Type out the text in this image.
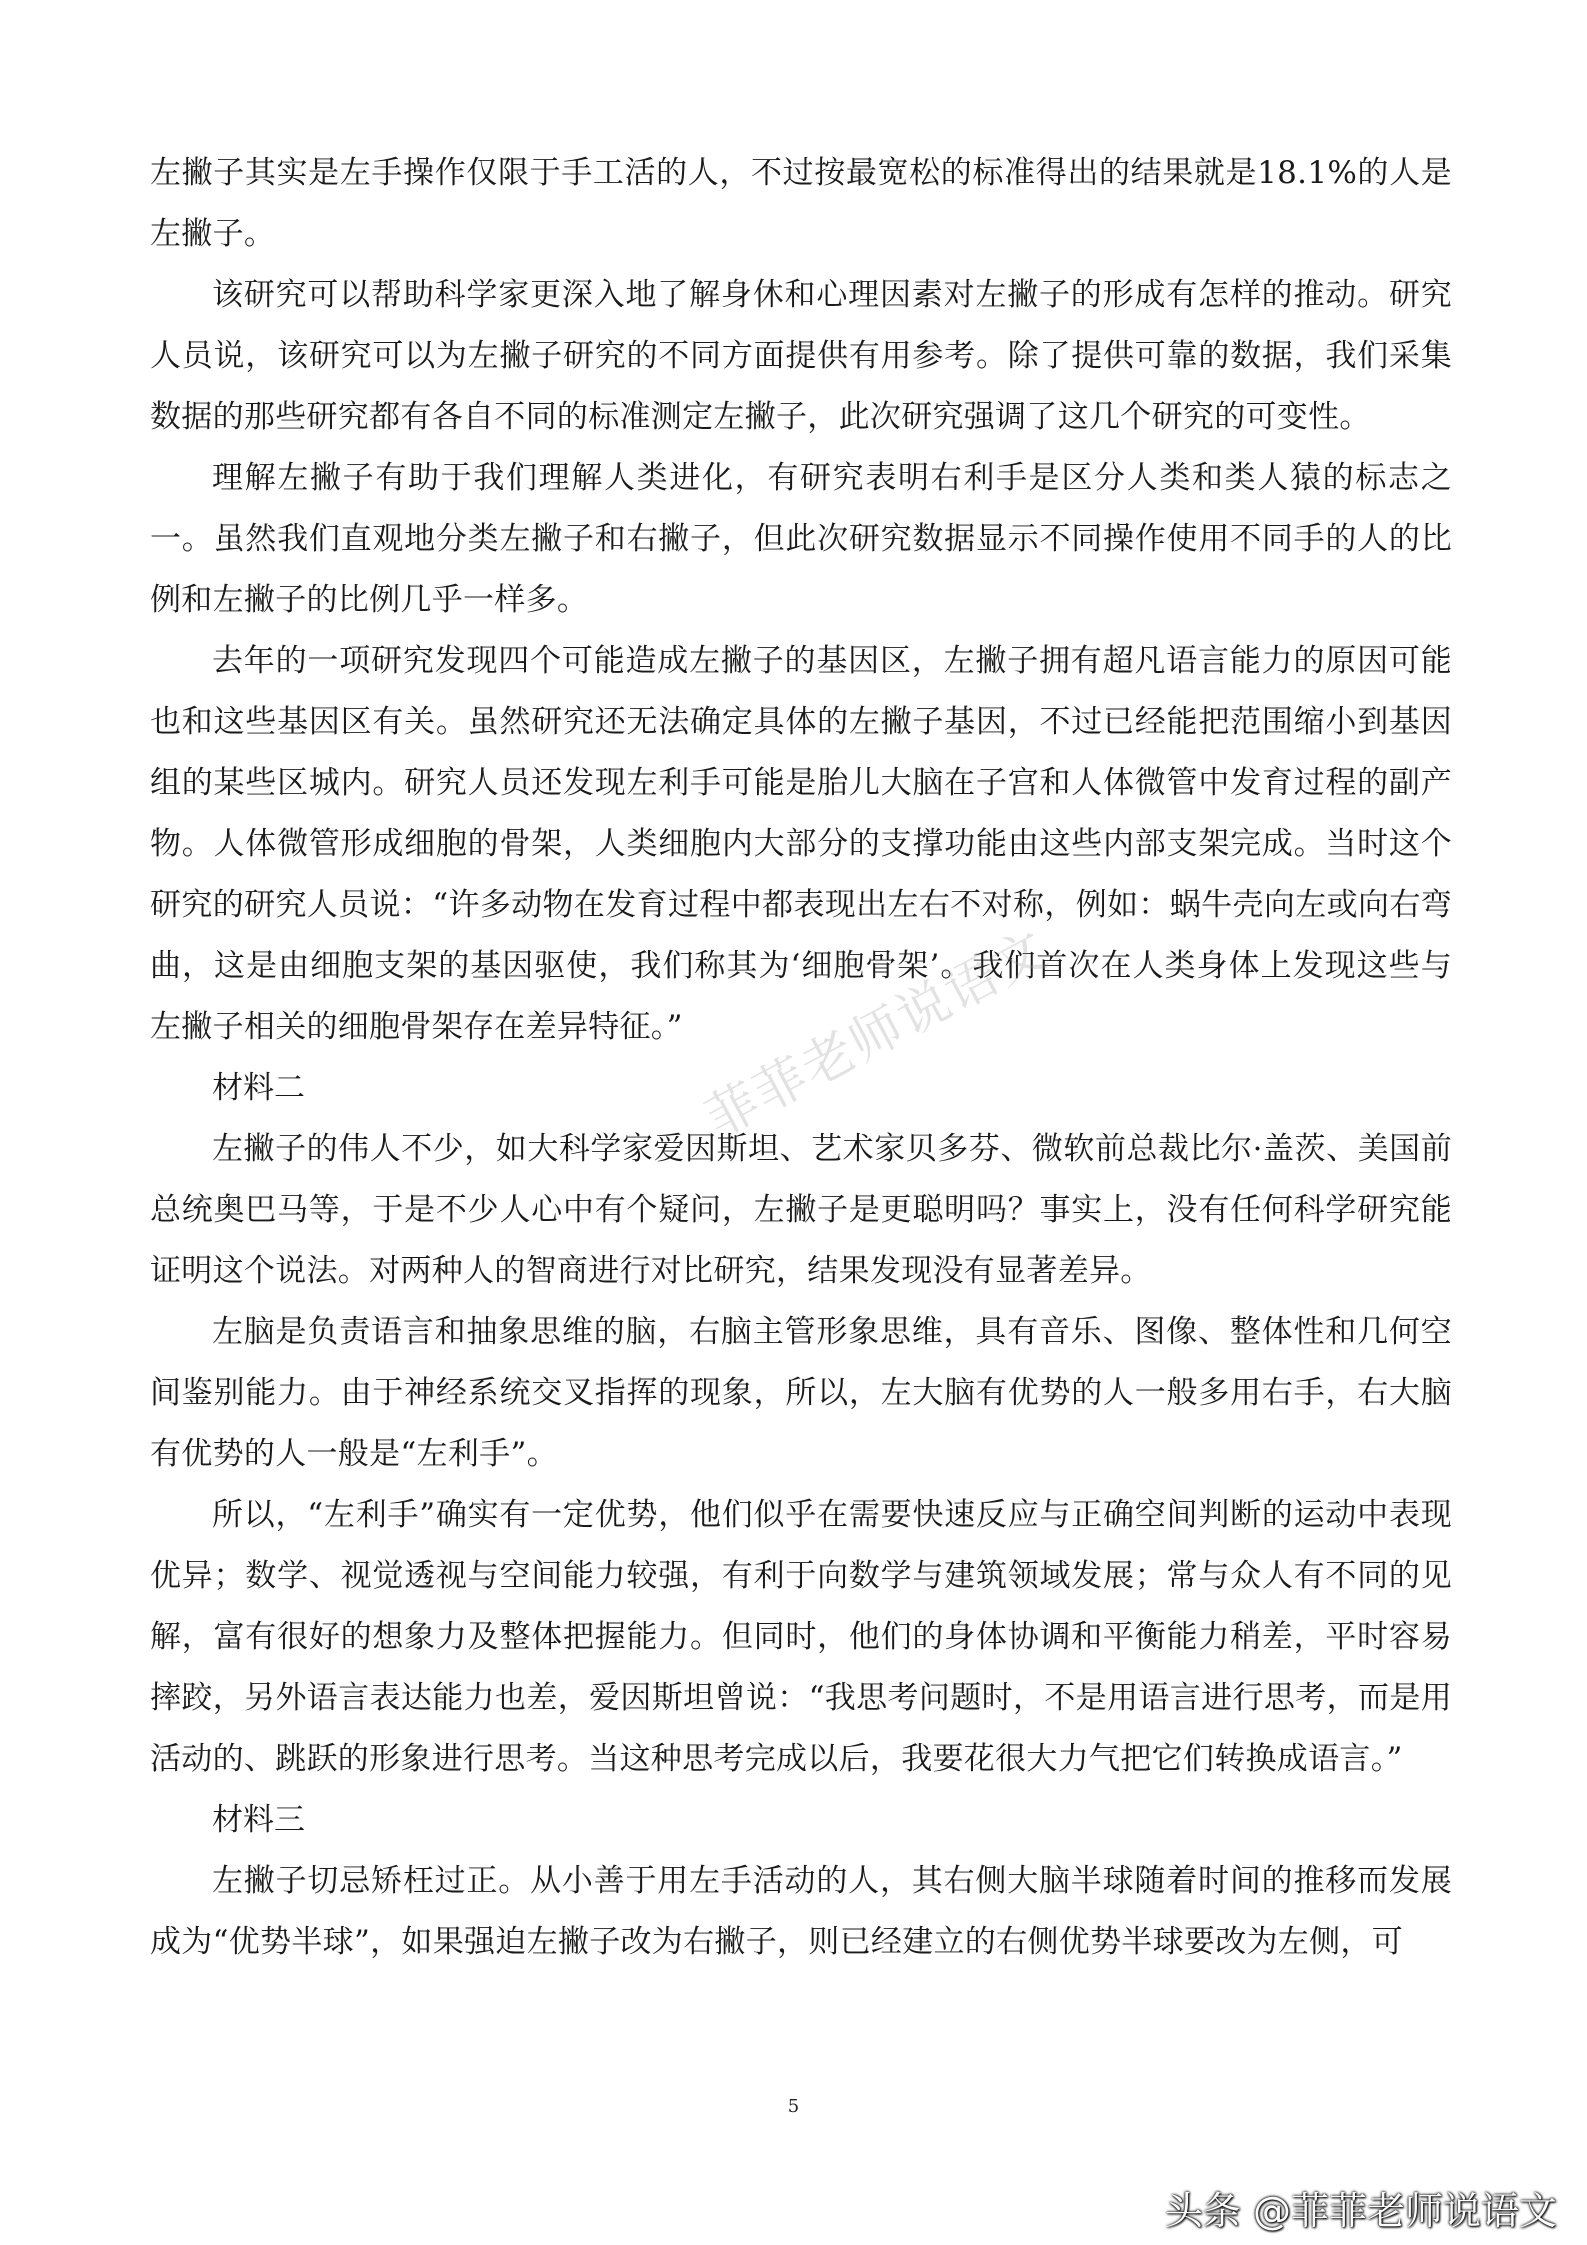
左撇子其实是左手操作仅限于手工活的人，不过按最宽松的标准得出的结果就是18.1%的人是左撇子。

该研究可以帮助科学家更深入地了解身休和心理因素对左撇子的形成有怎样的推动。研究人员说，该研究可以为左撇子研究的不同方面提供有用参考。除了提供可靠的数据，我们采集数据的那些研究都有各自不同的标准测定左撇子，此次研究强调了这几个研究的可变性。

理解左撇子有助于我们理解人类进化，有研究表明右利手是区分人类和类人猿的标志之一。虽然我们直观地分类左撇子和右撇子，但此次研究数据显示不同操作使用不同手的人的比例和左撇子的比例几乎一样多。

去年的一项研究发现四个可能造成左撇子的基因区，左撇子拥有超凡语言能力的原因可能也和这些基因区有关。虽然研究还无法确定具体的左撇子基因，不过已经能把范围缩小到基因组的某些区城内。研究人员还发现左利手可能是胎儿大脑在子宫和人体微管中发育过程的副产物。人体微管形成细胞的骨架，人类细胞内大部分的支撑功能由这些内部支架完成。当时这个研究的研究人员说：“许多动物在发育过程中都表现出左右不对称，例如：蜗牛壳向左或向右弯曲，这是由细胞支架的基因驱使，我们称其为‘细胞骨架’。我们首次在人类身体上发现这些与左撇子相关的细胞骨架存在差异特征。”

材料二

左撇子的伟人不少，如大科学家爱因斯坦、艺术家贝多芬、微软前总裁比尔·盖茨、美国前总统奥巴马等，于是不少人心中有个疑问，左撇子是更聪明吗？事实上，没有任何科学研究能证明这个说法。对两种人的智商进行对比研究，结果发现没有显著差异。

左脑是负责语言和抽象思维的脑，右脑主管形象思维，具有音乐、图像、整体性和几何空间鉴别能力。由于神经系统交叉指挥的现象，所以，左大脑有优势的人一般多用右手，右大脑有优势的人一般是“左利手”。

所以，“左利手”确实有一定优势，他们似乎在需要快速反应与正确空间判断的运动中表现优异；数学、视觉透视与空间能力较强，有利于向数学与建筑领域发展；常与众人有不同的见解，富有很好的想象力及整体把握能力。但同时，他们的身体协调和平衡能力稍差，平时容易摔跤，另外语言表达能力也差，爱因斯坦曾说：“我思考问题时，不是用语言进行思考，而是用活动的、跳跃的形象进行思考。当这种思考完成以后，我要花很大力气把它们转换成语言。”

材料三

左撇子切忌矫枉过正。从小善于用左手活动的人，其右侧大脑半球随着时间的推移而发展成为“优势半球”，如果强迫左撇子改为右撇子，则已经建立的右侧优势半球要改为左侧，可

菲菲老师说语文
5
头条 @菲菲老师说语文
